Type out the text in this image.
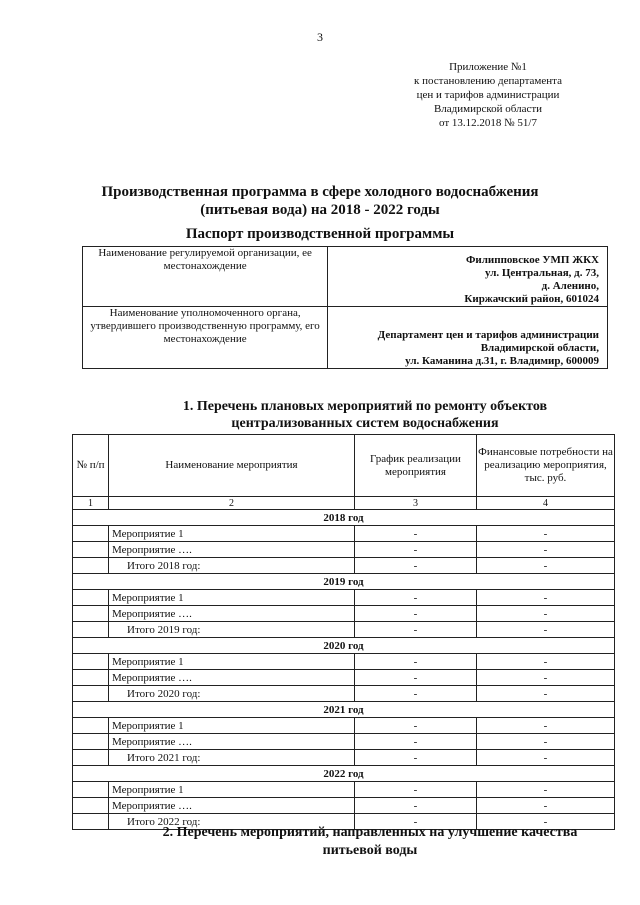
3
Приложение №1
к постановлению департамента
цен и тарифов администрации
Владимирской области
от 13.12.2018 № 51/7
Производственная программа в сфере холодного водоснабжения
(питьевая вода) на 2018 - 2022 годы
Паспорт производственной программы
Наименование регулируемой организации, ее местонахождение	Филипповское УМП ЖКХ
ул. Центральная, д. 73,
д. Аленино,
Киржачский район, 601024

Наименование уполномоченного органа, утвердившего производственную программу, его местонахождение	Департамент цен и тарифов администрации
Владимирской области,
ул. Каманина д.31, г. Владимир, 600009
1. Перечень плановых мероприятий по ремонту объектов
централизованных систем водоснабжения
№ п/п	Наименование мероприятия	График реализации мероприятия	Финансовые потребности на реализацию мероприятия, тыс. руб.
1	2	3	4
2018 год			
	Мероприятие 1	-	-
	Мероприятие ….	-	-
	Итого 2018 год:	-	-
2019 год			
	Мероприятие 1	-	-
	Мероприятие ….	-	-
	Итого 2019 год:	-	-
2020 год			
	Мероприятие 1	-	-
	Мероприятие ….	-	-
	Итого 2020 год:	-	-
2021 год			
	Мероприятие 1	-	-
	Мероприятие ….	-	-
	Итого 2021 год:	-	-
2022 год			
	Мероприятие 1	-	-
	Мероприятие ….	-	-
	Итого 2022 год:	-	-
2. Перечень мероприятий, направленных на улучшение качества
питьевой воды
